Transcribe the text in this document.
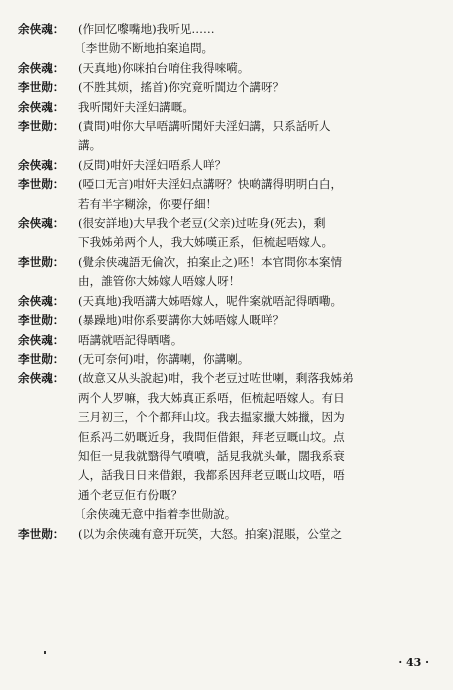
余侠魂： (作回忆嚟嘴地)我听见……
〔李世勋不断地拍案追問。
余侠魂： (天真地)你咪拍台唷住我得唻嗬。
李世勋： (不胜其烦，搖首)你究竟听誾边个講呀？
余侠魂： 我听聞奸夫淫妇講嘅。
李世勋： (責問)咁你大早唔講听聞奸夫淫妇講，只系話听人
講。
余侠魂： (反問)咁奸夫淫妇唔系人咩？
李世勋： (啞口无言)咁奸夫淫妇点講呀？快啲講得明明白白，
若有半字糊涂，你要仔細！
余侠魂： (很安詳地)大早我个老豆(父亲)过咗身(死去)，剩
下我姊弟两个人，我大姊嘆正系，佢梳起唔嫁人。
李世勋： (覺余侠魂語无倫次，拍案止之)呸！本官問你本案情
由，誰管你大姊嫁人唔嫁人呀！
余侠魂： (天真地)我唔講大姊唔嫁人，呢件案就唔記得晒嘞。
李世勋： (暴躁地)咁你系要講你大姊唔嫁人嘅咩？
余侠魂： 唔講就唔記得晒嗜。
李世勋： (无可奈何)咁，你講喇，你講喇。
余侠魂： (故意又从头說起)咁，我个老豆过咗世喇，剩落我姊弟
两个人罗嘛，我大姊真正系唔，佢梳起唔嫁人。有日
三月初三，个个都拜山坟。我去揾家擸大姊擸，因为
佢系冯二奶嘅近身，我問佢借銀，拜老豆嘅山坟。点
知佢一見我就翳得气噴噴，話見我就头暈，闊我系衰
人，話我日日来借銀，我都系因拜老豆嘅山坟唔，唔
通个老豆佢冇份嘅？
〔余侠魂无意中指着李世勋說。
李世勋： (以为余侠魂有意开玩笑，大怒。拍案)混賬，公堂之
· 43 ·
